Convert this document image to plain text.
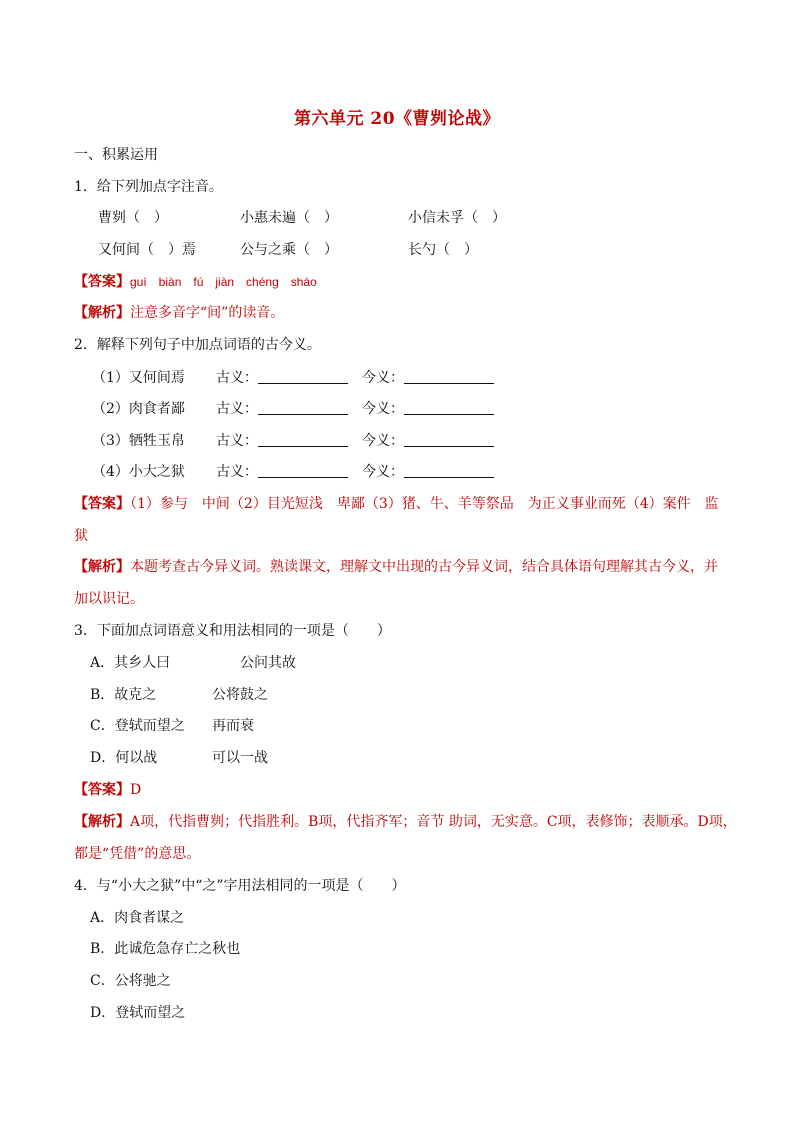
第六单元 20《曹刿论战》
一、积累运用
1．给下列加点字注音。
曹刿（　）	小惠未遍（　）	小信未孚（　）
又何间（　）焉	公与之乘（　）	长勺（　）
【答案】ɡuì　biàn　fú　jiàn　chénɡ　sháo
【解析】注意多音字“间”的读音。
2．解释下列句子中加点词语的古今义。
（1）又何间焉 古义：	今义：
（2）肉食者鄙 古义：	今义：
（3）牺牲玉帛 古义：	今义：
（4）小大之狱 古义：	今义：
【答案】（1）参与　中间（2）目光短浅　卑鄙（3）猪、牛、羊等祭品　为正义事业而死（4）案件　监
狱
【解析】本题考查古今异义词。熟读课文，理解文中出现的古今异义词，结合具体语句理解其古今义，并
加以识记。
3．下面加点词语意义和用法相同的一项是（　　）
A．其乡人曰	公问其故
B．故克之	公将鼓之
C．登轼而望之 再而衰
D．何以战	可以一战
【答案】D
【解析】A项，代指曹刿；代指胜利。B项，代指齐军；音节 助词，无实意。C项，表修饰；表顺承。D项，
都是“凭借”的意思。
4．与“小大之狱”中“之”字用法相同的一项是（　　）
A．肉食者谋之
B．此诚危急存亡之秋也
C．公将驰之
D．登轼而望之
